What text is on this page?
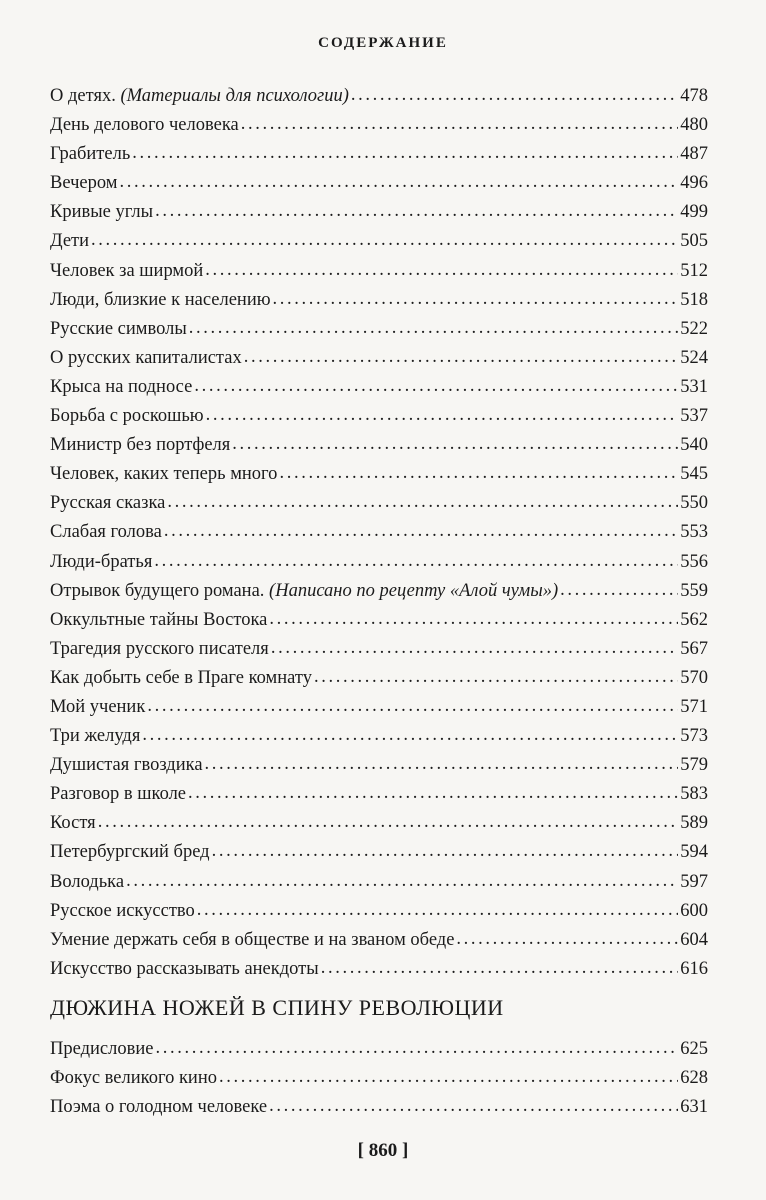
СОДЕРЖАНИЕ
О детях. (Материалы для психологии) . . .	478
День делового человека . . .	480
Грабитель . . .	487
Вечером . . .	496
Кривые углы . . .	499
Дети . . .	505
Человек за ширмой . . .	512
Люди, близкие к населению . . .	518
Русские символы . . .	522
О русских капиталистах . . .	524
Крыса на подносе . . .	531
Борьба с роскошью . . .	537
Министр без портфеля . . .	540
Человек, каких теперь много . . .	545
Русская сказка . . .	550
Слабая голова . . .	553
Люди-братья . . .	556
Отрывок будущего романа. (Написано по рецепту «Алой чумы») . . .	559
Оккультные тайны Востока . . .	562
Трагедия русского писателя . . .	567
Как добыть себе в Праге комнату . . .	570
Мой ученик . . .	571
Три желудя . . .	573
Душистая гвоздика . . .	579
Разговор в школе . . .	583
Костя . . .	589
Петербургский бред . . .	594
Володька . . .	597
Русское искусство . . .	600
Умение держать себя в обществе и на званом обеде . . .	604
Искусство рассказывать анекдоты . . .	616
ДЮЖИНА НОЖЕЙ В СПИНУ РЕВОЛЮЦИИ
Предисловие . . .	625
Фокус великого кино . . .	628
Поэма о голодном человеке . . .	631
[ 860 ]
